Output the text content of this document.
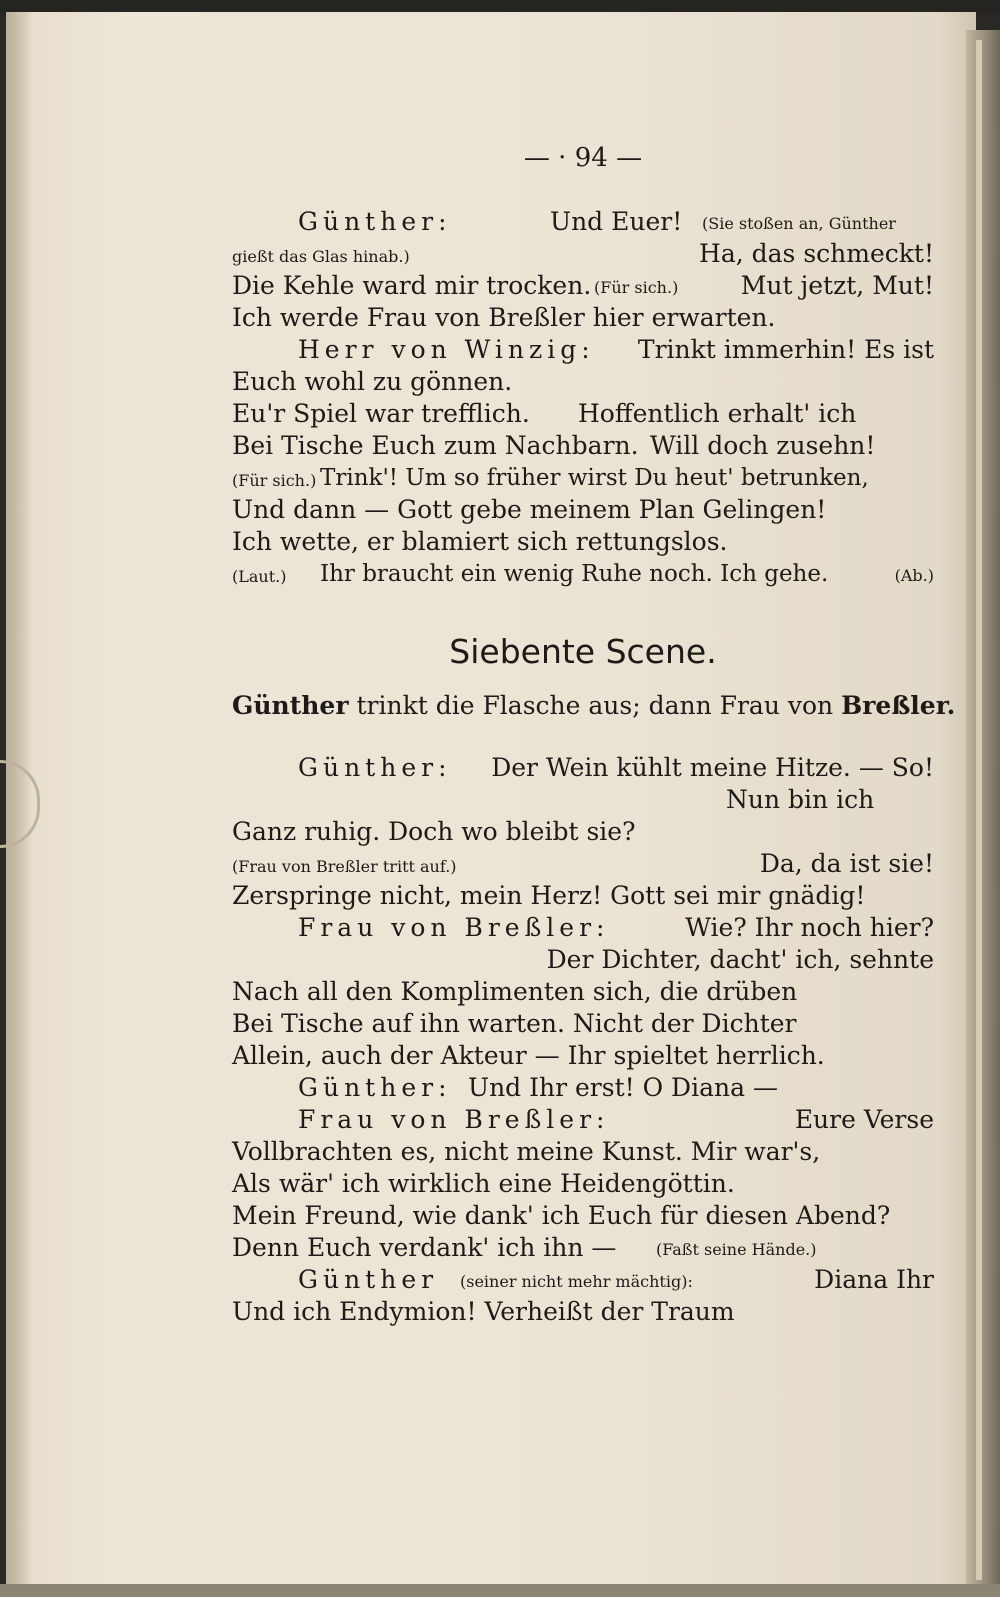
— · 94 —
Günther:	Und Euer! (Sie stoßen an, Günther
gießt das Glas hinab.)	Ha, das schmeckt!
Die Kehle ward mir trocken. (Für sich.) Mut jetzt, Mut!
Ich werde Frau von Breßler hier erwarten.
Herr von Winzig: Trinkt immerhin! Es ist
Euch wohl zu gönnen.
Eu'r Spiel war trefflich. Hoffentlich erhalt' ich
Bei Tische Euch zum Nachbarn. Will doch zusehn!
(Für sich.) Trink'! Um so früher wirst Du heut' betrunken,
Und dann — Gott gebe meinem Plan Gelingen!
Ich wette, er blamiert sich rettungslos.
(Laut.) Ihr braucht ein wenig Ruhe noch. Ich gehe.	(Ab.)
Siebente Scene.
Günther trinkt die Flasche aus; dann Frau von Breßler.
Günther: Der Wein kühlt meine Hitze. — So!
Nun bin ich
Ganz ruhig. Doch wo bleibt sie?
(Frau von Breßler tritt auf.)	Da, da ist sie!
Zerspringe nicht, mein Herz! Gott sei mir gnädig!
Frau von Breßler:	Wie? Ihr noch hier?
Der Dichter, dacht' ich, sehnte
Nach all den Komplimenten sich, die drüben
Bei Tische auf ihn warten. Nicht der Dichter
Allein, auch der Akteur — Ihr spieltet herrlich.
Günther: Und Ihr erst! O Diana —
Frau von Breßler:	Eure Verse
Vollbrachten es, nicht meine Kunst. Mir war's,
Als wär' ich wirklich eine Heidengöttin.
Mein Freund, wie dank' ich Euch für diesen Abend?
Denn Euch verdank' ich ihn — (Faßt seine Hände.)
Günther (seiner nicht mehr mächtig):	Diana Ihr
Und ich Endymion! Verheißt der Traum
